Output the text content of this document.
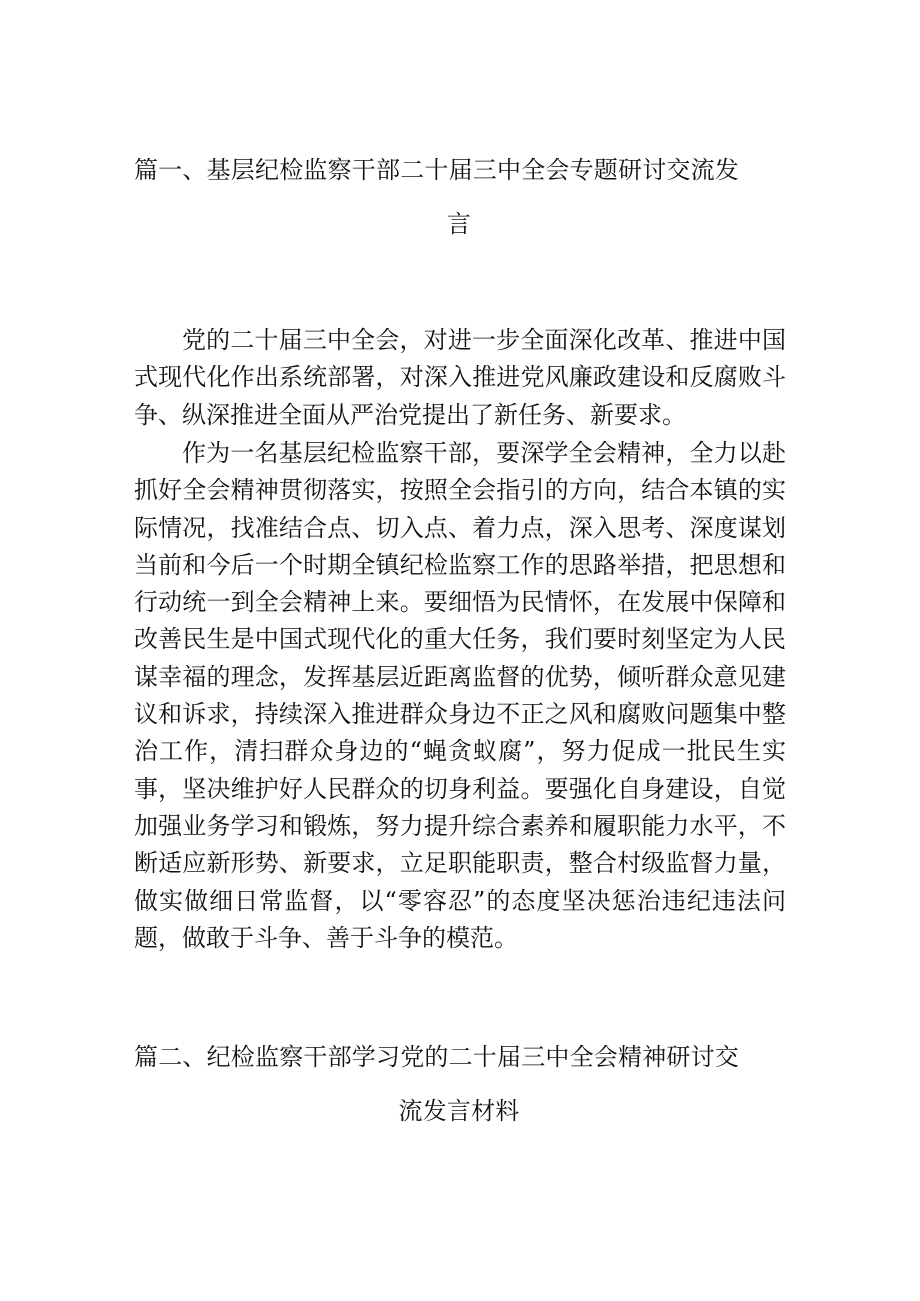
篇一、基层纪检监察干部二十届三中全会专题研讨交流发
言

党的二十届三中全会，对进一步全面深化改革、推进中国式现代化作出系统部署，对深入推进党风廉政建设和反腐败斗争、纵深推进全面从严治党提出了新任务、新要求。

作为一名基层纪检监察干部，要深学全会精神，全力以赴抓好全会精神贯彻落实，按照全会指引的方向，结合本镇的实际情况，找准结合点、切入点、着力点，深入思考、深度谋划当前和今后一个时期全镇纪检监察工作的思路举措，把思想和行动统一到全会精神上来。要细悟为民情怀，在发展中保障和改善民生是中国式现代化的重大任务，我们要时刻坚定为人民谋幸福的理念，发挥基层近距离监督的优势，倾听群众意见建议和诉求，持续深入推进群众身边不正之风和腐败问题集中整治工作，清扫群众身边的“蝇贪蚁腐”，努力促成一批民生实事，坚决维护好人民群众的切身利益。要强化自身建设，自觉加强业务学习和锻炼，努力提升综合素养和履职能力水平，不断适应新形势、新要求，立足职能职责，整合村级监督力量，做实做细日常监督，以“零容忍”的态度坚决惩治违纪违法问题，做敢于斗争、善于斗争的模范。

篇二、纪检监察干部学习党的二十届三中全会精神研讨交
流发言材料
